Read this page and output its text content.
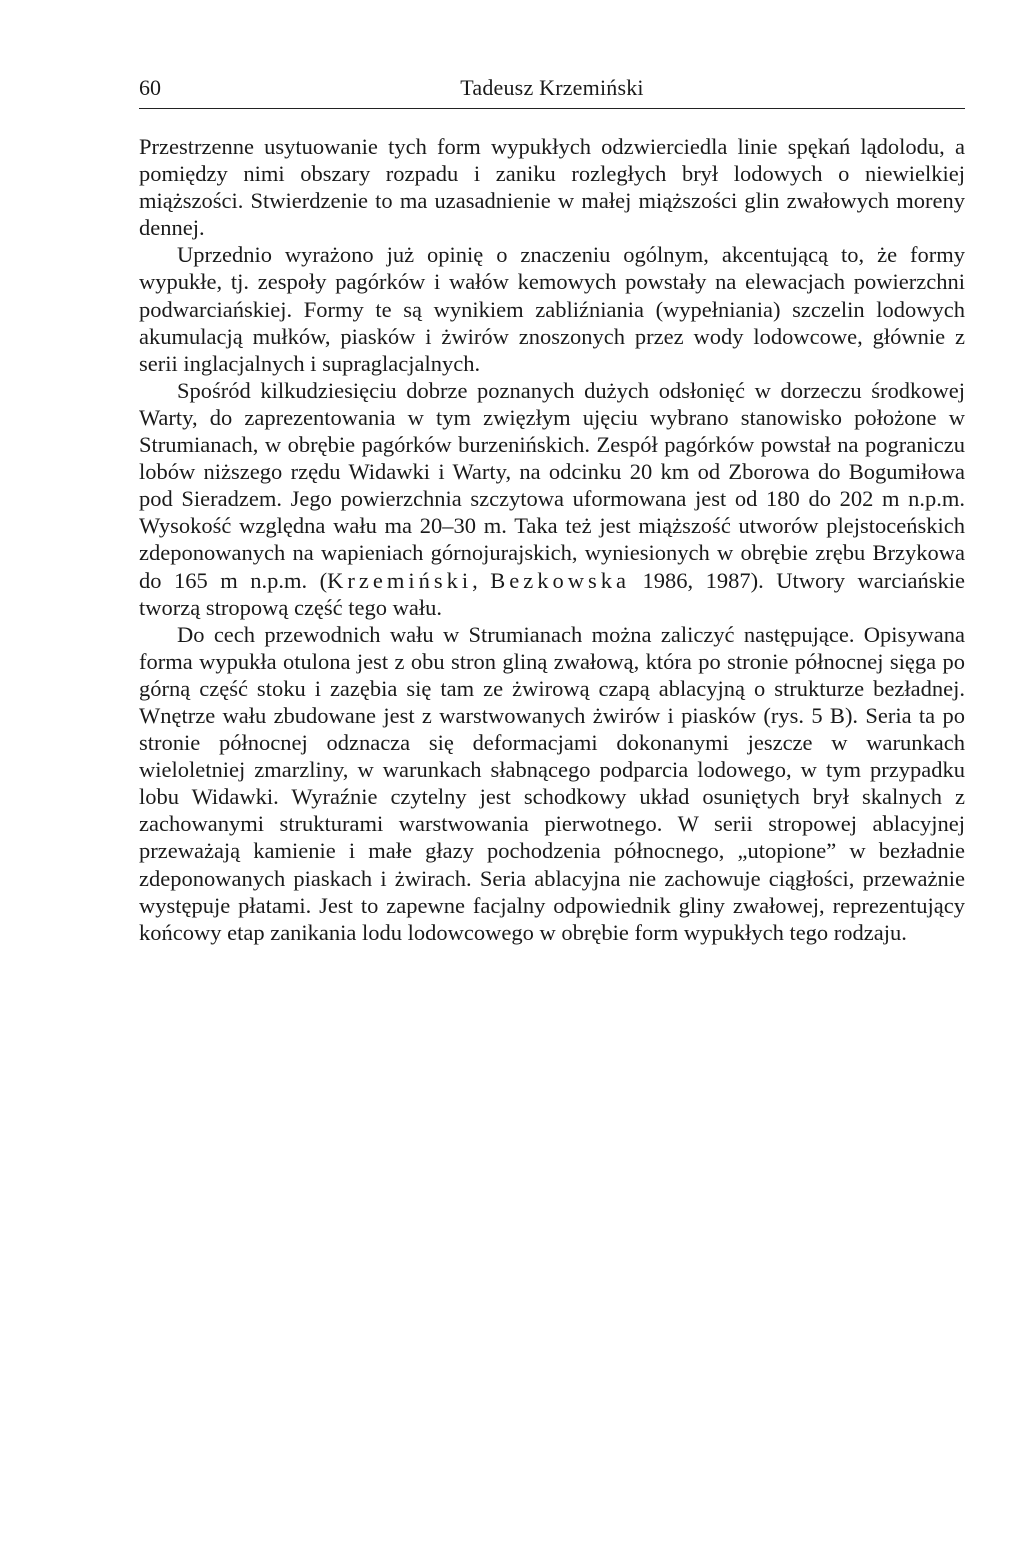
60	Tadeusz Krzemiński

Przestrzenne usytuowanie tych form wypukłych odzwierciedla linie spękań lądolodu, a pomiędzy nimi obszary rozpadu i zaniku rozległych brył lodowych o niewielkiej miąższości. Stwierdzenie to ma uzasadnienie w małej miąższości glin zwałowych moreny dennej.

Uprzednio wyrażono już opinię o znaczeniu ogólnym, akcentującą to, że formy wypukłe, tj. zespoły pagórków i wałów kemowych powstały na elewacjach powierzchni podwarciańskiej. Formy te są wynikiem zabliźniania (wypełniania) szczelin lodowych akumulacją mułków, piasków i żwirów znoszonych przez wody lodowcowe, głównie z serii inglacjalnych i supraglacjalnych.

Spośród kilkudziesięciu dobrze poznanych dużych odsłonięć w dorzeczu środkowej Warty, do zaprezentowania w tym zwięzłym ujęciu wybrano stanowisko położone w Strumianach, w obrębie pagórków burzenińskich. Zespół pagórków powstał na pograniczu lobów niższego rzędu Widawki i Warty, na odcinku 20 km od Zborowa do Bogumiłowa pod Sieradzem. Jego powierzchnia szczytowa uformowana jest od 180 do 202 m n.p.m. Wysokość względna wału ma 20–30 m. Taka też jest miąższość utworów plejstoceńskich zdeponowanych na wapieniach górnojurajskich, wyniesionych w obrębie zrębu Brzykowa do 165 m n.p.m. (Krzemiński, Bezkowska 1986, 1987). Utwory warciańskie tworzą stropową część tego wału.

Do cech przewodnich wału w Strumianach można zaliczyć następujące. Opisywana forma wypukła otulona jest z obu stron gliną zwałową, która po stronie północnej sięga po górną część stoku i zazębia się tam ze żwirową czapą ablacyjną o strukturze bezładnej. Wnętrze wału zbudowane jest z warstwowanych żwirów i piasków (rys. 5 B). Seria ta po stronie północnej odznacza się deformacjami dokonanymi jeszcze w warunkach wieloletniej zmarzliny, w warunkach słabnącego podparcia lodowego, w tym przypadku lobu Widawki. Wyraźnie czytelny jest schodkowy układ osuniętych brył skalnych z zachowanymi strukturami warstwowania pierwotnego. W serii stropowej ablacyjnej przeważają kamienie i małe głazy pochodzenia północnego, „utopione” w bezładnie zdeponowanych piaskach i żwirach. Seria ablacyjna nie zachowuje ciągłości, przeważnie występuje płatami. Jest to zapewne facjalny odpowiednik gliny zwałowej, reprezentujący końcowy etap zanikania lodu lodowcowego w obrębie form wypukłych tego rodzaju.
